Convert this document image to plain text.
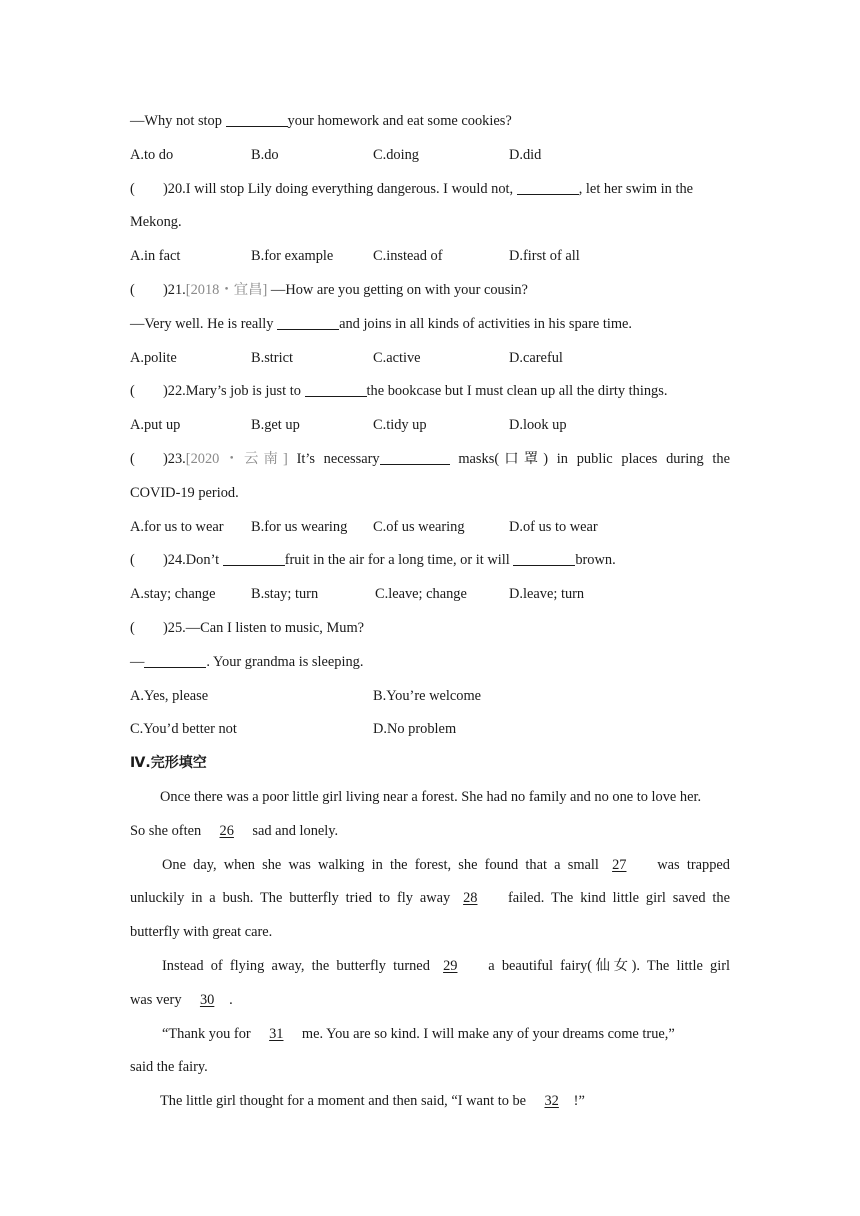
—Why not stop	your homework and eat some cookies?
A.to do	B.do	C.doing	D.did
( )20.I will stop Lily doing everything dangerous. I would not,	, let her swim in the
Mekong.
A.in fact	B.for example	C.instead of	D.first of all
( )21.[2018・宜昌] —How are you getting on with your cousin?
—Very well. He is really	and joins in all kinds of activities in his spare time.
A.polite	B.strict	C.active	D.careful
( )22.Mary’s job is just to	the bookcase but I must clean up all the dirty things.
A.put up	B.get up	C.tidy up	D.look up
( )23.[2020・云南] It’s necessary	masks(口罩) in public places during the
COVID-19 period.
A.for us to wear B.for us wearing C.of us wearing	D.of us to wear
( )24.Don’t	fruit in the air for a long time, or it will	brown.
A.stay; change B.stay; turn	C.leave; change	D.leave; turn
( )25.—Can I listen to music, Mum?
—	. Your grandma is sleeping.
A.Yes, please	B.You’re welcome
C.You’d better not	D.No problem
Ⅳ.完形填空
Once there was a poor little girl living near a forest. She had no family and no one to love her.
So she often 26 sad and lonely.
One day, when she was walking in the forest, she found that a small 27 was trapped
unluckily in a bush. The butterfly tried to fly away 28 failed. The kind little girl saved the
butterfly with great care.
Instead of flying away, the butterfly turned 29 a beautiful fairy(仙女). The little girl
was very 30 .
“Thank you for 31 me. You are so kind. I will make any of your dreams come true,”
said the fairy.
The little girl thought for a moment and then said, “I want to be 32 !”
